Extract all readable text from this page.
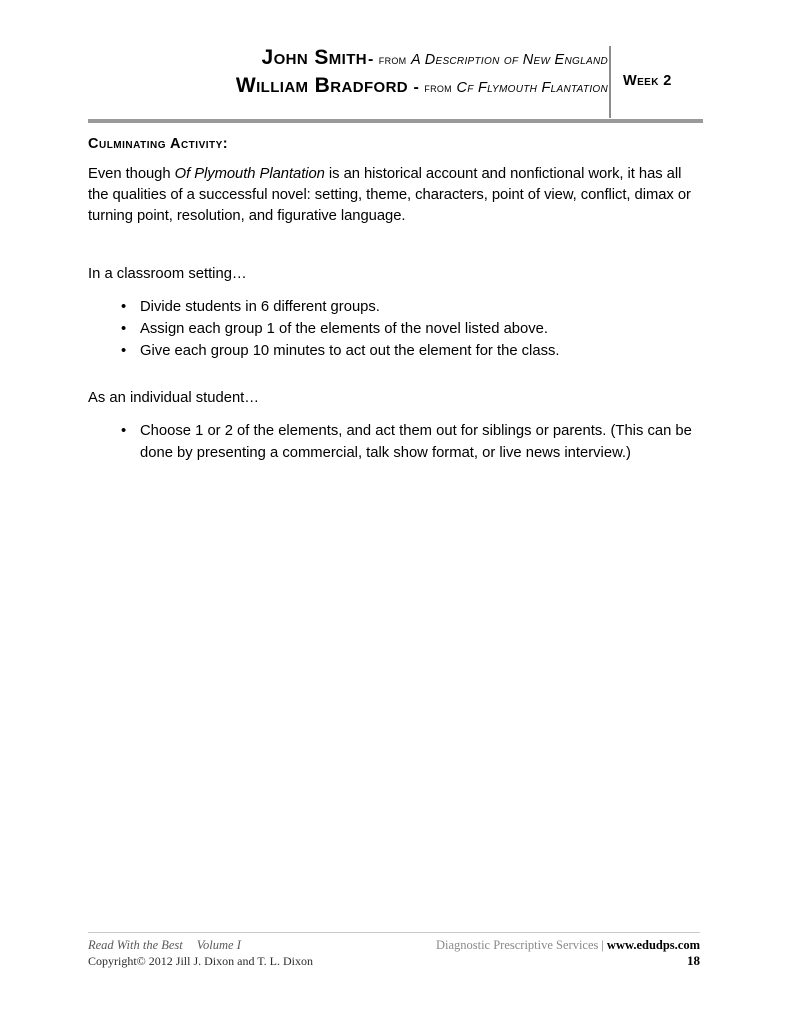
John Smith- from A Description of New England
William Bradford - from Cf Flymouth Flantation Week 2
Culminating Activity:

Even though Of Plymouth Plantation is an historical account and nonfictional work, it has all the qualities of a successful novel: setting, theme, characters, point of view, conflict, dimax or turning point, resolution, and figurative language.

In a classroom setting…

• Divide students in 6 different groups.
• Assign each group 1 of the elements of the novel listed above.
• Give each group 10 minutes to act out the element for the class.

As an individual student…

• Choose 1 or 2 of the elements, and act them out for siblings or parents. (This can be done by presenting a commercial, talk show format, or live news interview.)
Read With the Best Volume I	Diagnostic Prescriptive Services | www.edudps.com
Copyright© 2012 Jill J. Dixon and T. L. Dixon	18
